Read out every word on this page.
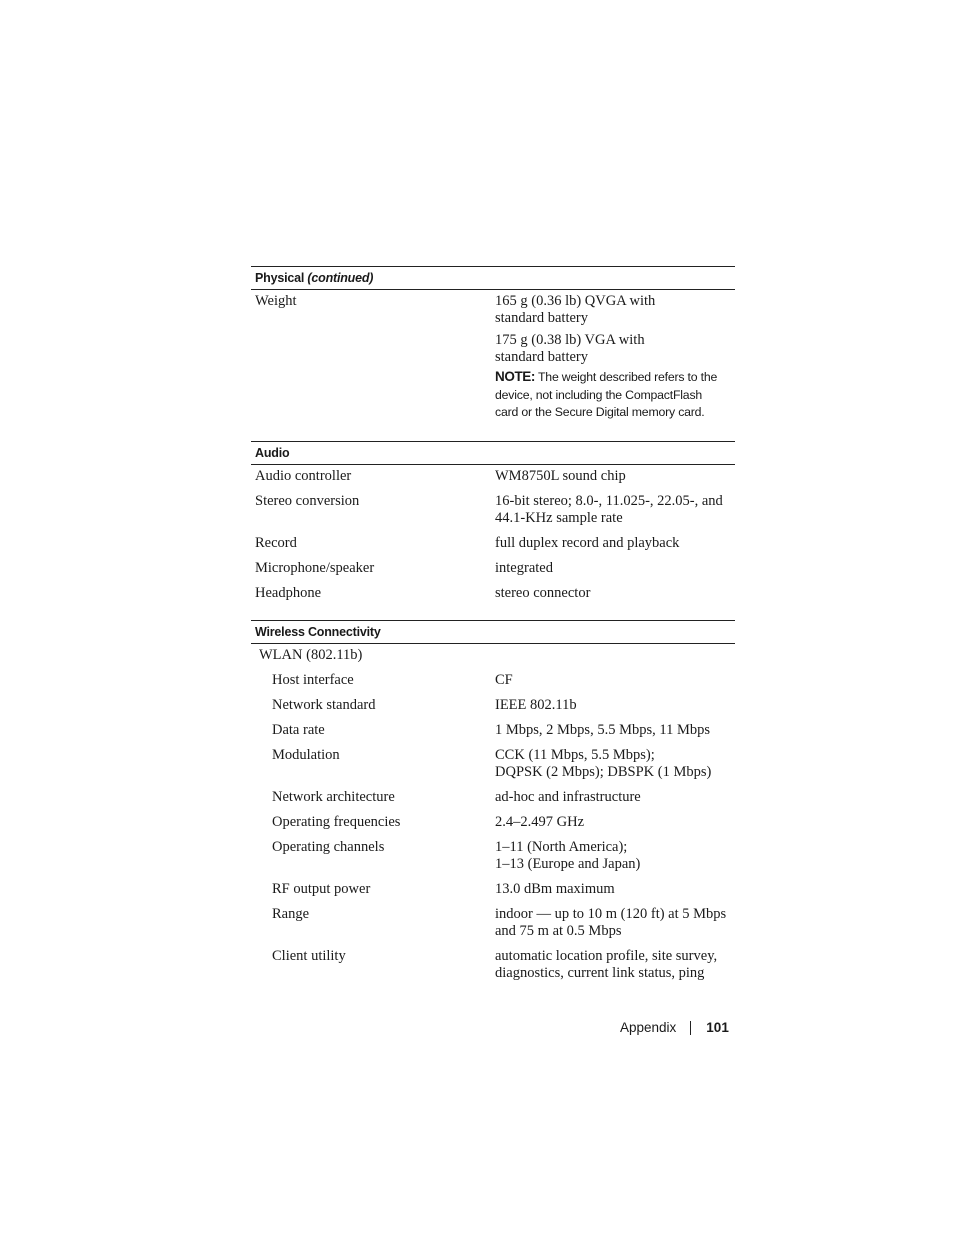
Physical (continued)
Weight	165 g (0.36 lb) QVGA with
standard battery

175 g (0.38 lb) VGA with
standard battery

NOTE: The weight described refers to the
device, not including the CompactFlash
card or the Secure Digital memory card.
Audio
Audio controller	WM8750L sound chip
Stereo conversion	16-bit stereo; 8.0-, 11.025-, 22.05-, and
44.1-KHz sample rate
Record	full duplex record and playback
Microphone/speaker	integrated
Headphone	stereo connector
Wireless Connectivity
WLAN (802.11b)
Host interface	CF
Network standard	IEEE 802.11b
Data rate	1 Mbps, 2 Mbps, 5.5 Mbps, 11 Mbps
Modulation	CCK (11 Mbps, 5.5 Mbps);
DQPSK (2 Mbps); DBSPK (1 Mbps)
Network architecture	ad-hoc and infrastructure
Operating frequencies	2.4–2.497 GHz
Operating channels	1–11 (North America);
1–13 (Europe and Japan)
RF output power	13.0 dBm maximum
Range	indoor — up to 10 m (120 ft) at 5 Mbps
and 75 m at 0.5 Mbps
Client utility	automatic location profile, site survey,
diagnostics, current link status, ping
Appendix 101
